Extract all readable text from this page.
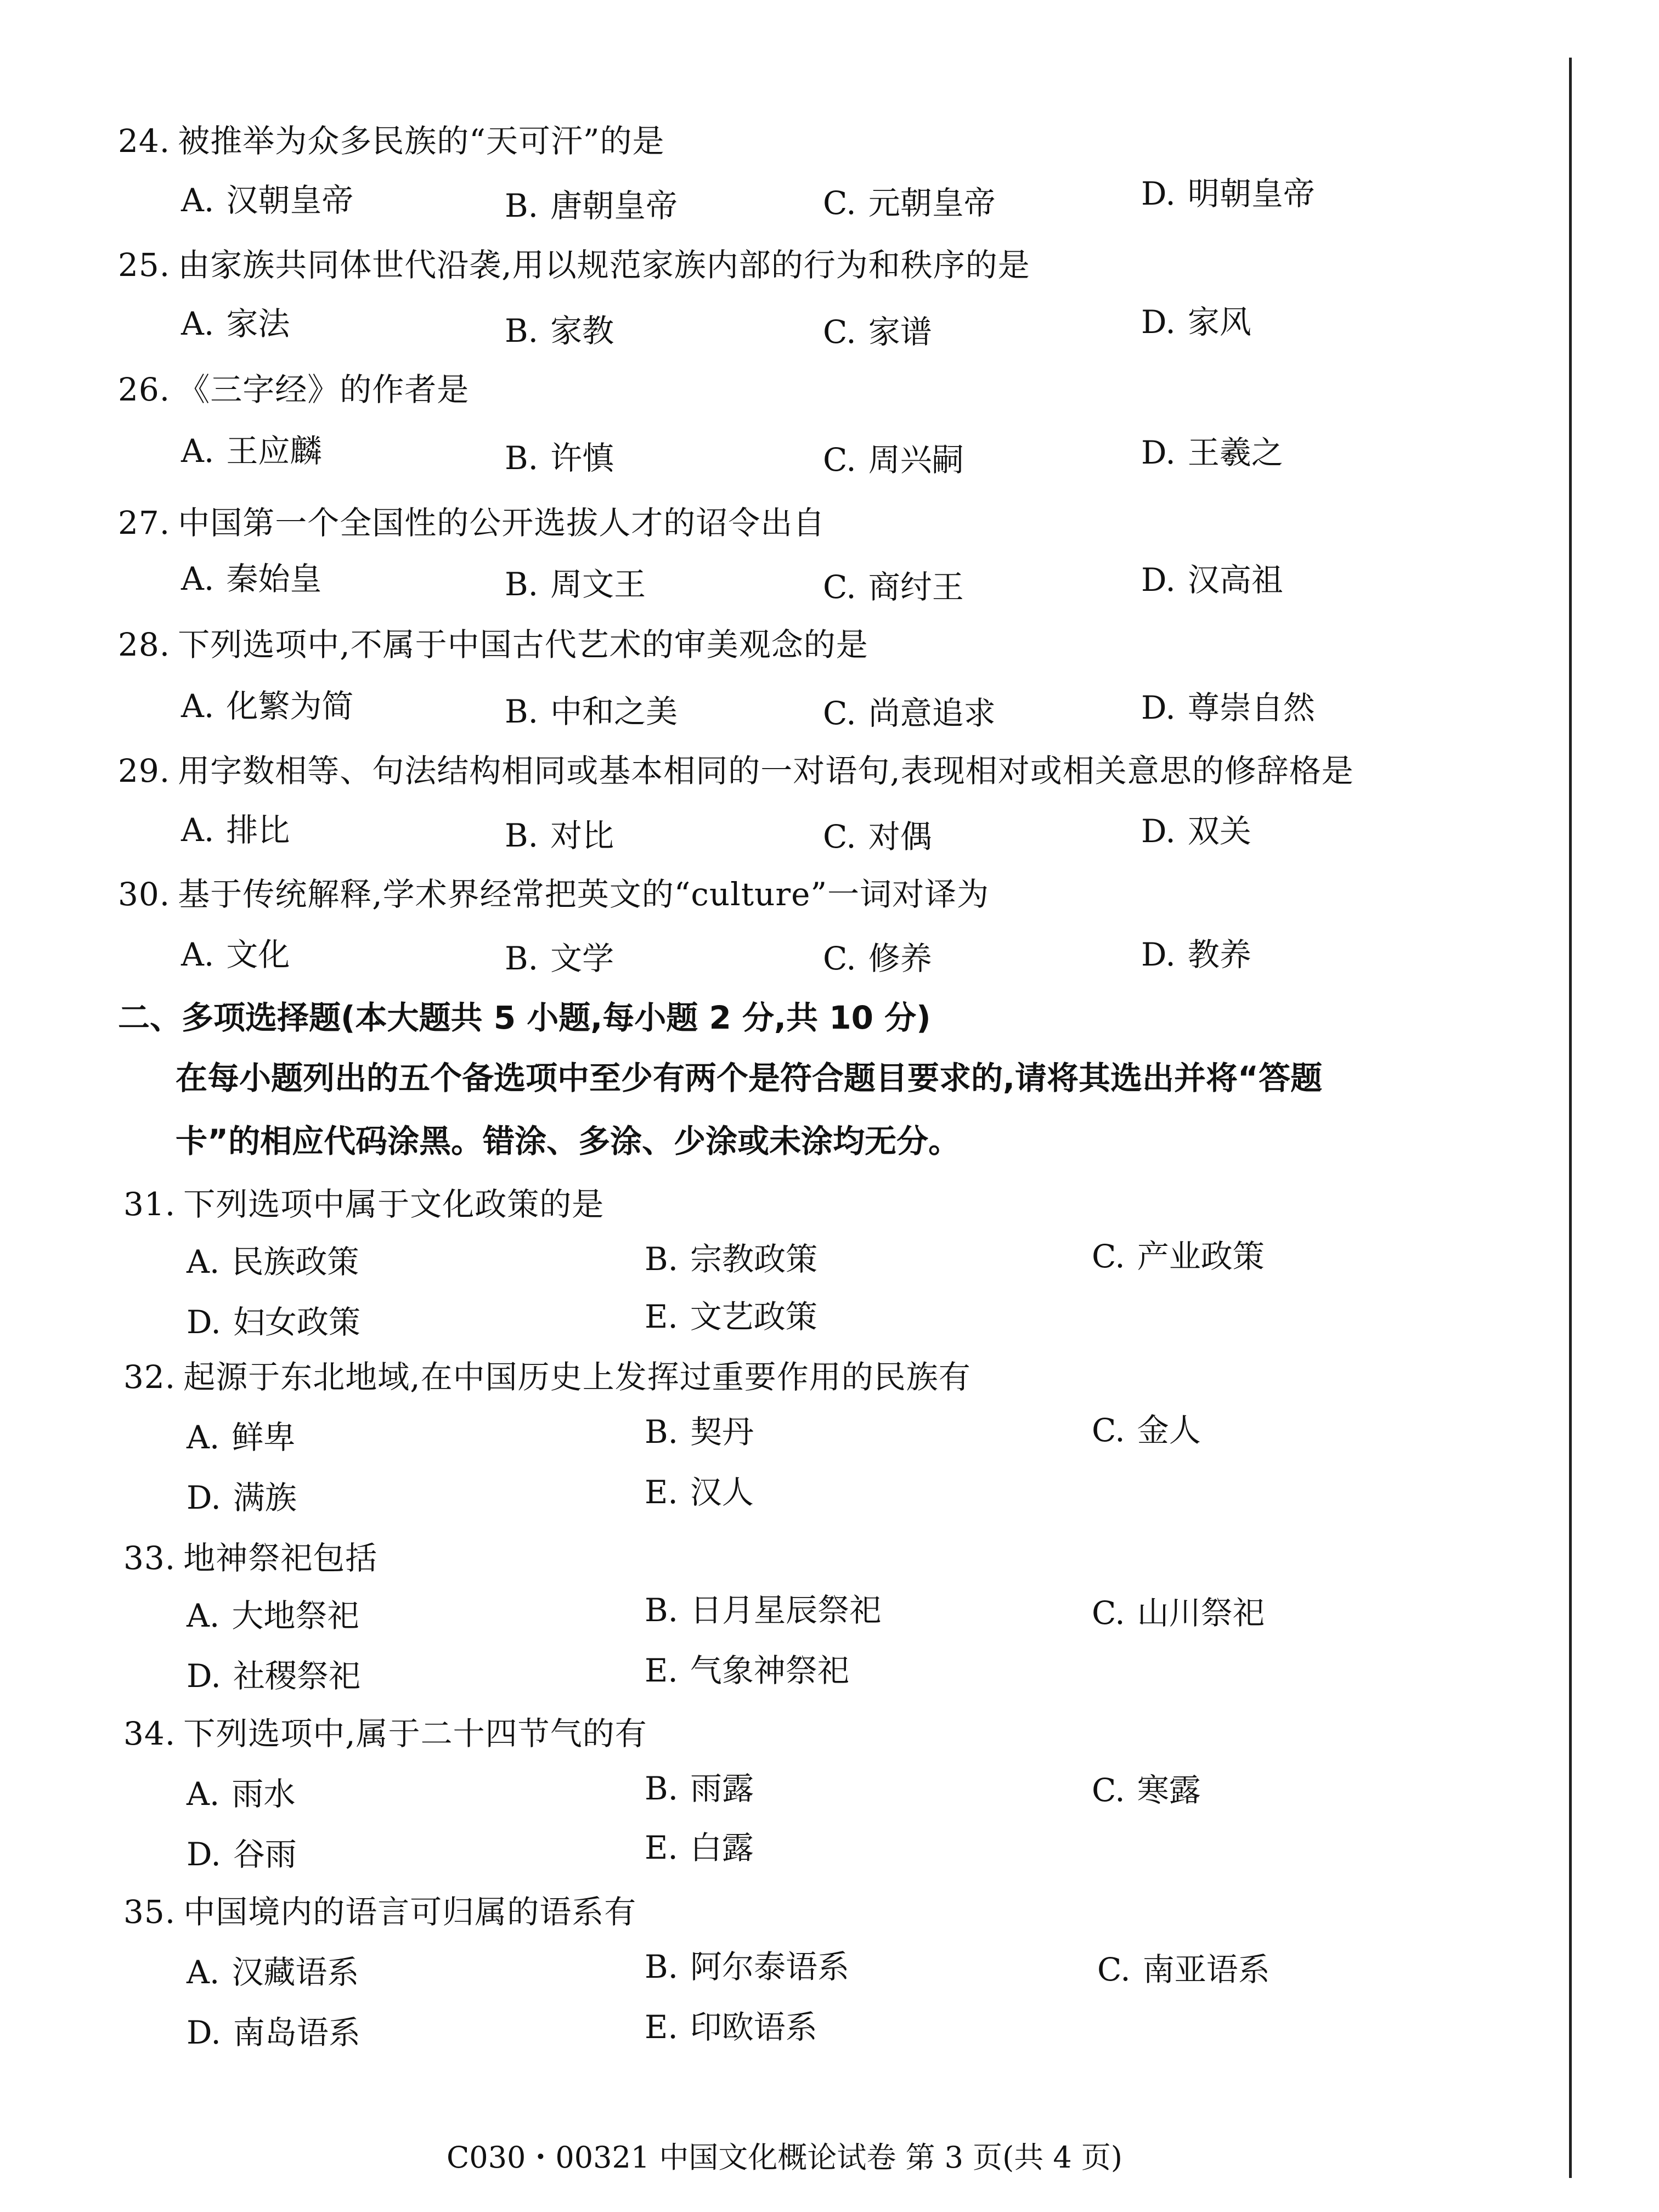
24. 被推举为众多民族的“天可汗”的是
A. 汉朝皇帝	B. 唐朝皇帝	C. 元朝皇帝	D. 明朝皇帝
25. 由家族共同体世代沿袭,用以规范家族内部的行为和秩序的是
A. 家法	B. 家教	C. 家谱	D. 家风
26. 《三字经》的作者是
A. 王应麟	B. 许慎	C. 周兴嗣	D. 王羲之
27. 中国第一个全国性的公开选拔人才的诏令出自
A. 秦始皇	B. 周文王	C. 商纣王	D. 汉高祖
28. 下列选项中,不属于中国古代艺术的审美观念的是
A. 化繁为简	B. 中和之美	C. 尚意追求	D. 尊崇自然
29. 用字数相等、句法结构相同或基本相同的一对语句,表现相对或相关意思的修辞格是
A. 排比	B. 对比	C. 对偶	D. 双关
30. 基于传统解释,学术界经常把英文的“culture”一词对译为
A. 文化	B. 文学	C. 修养	D. 教养
二、多项选择题(本大题共 5 小题,每小题 2 分,共 10 分)
在每小题列出的五个备选项中至少有两个是符合题目要求的,请将其选出并将“答题
卡”的相应代码涂黑。错涂、多涂、少涂或未涂均无分。
31. 下列选项中属于文化政策的是
A. 民族政策	B. 宗教政策	C. 产业政策
D. 妇女政策	E. 文艺政策
32. 起源于东北地域,在中国历史上发挥过重要作用的民族有
A. 鲜卑	B. 契丹	C. 金人
D. 满族	E. 汉人
33. 地神祭祀包括
A. 大地祭祀	B. 日月星辰祭祀	C. 山川祭祀
D. 社稷祭祀	E. 气象神祭祀
34. 下列选项中,属于二十四节气的有
A. 雨水	B. 雨露	C. 寒露
D. 谷雨	E. 白露
35. 中国境内的语言可归属的语系有
A. 汉藏语系	B. 阿尔泰语系	C. 南亚语系
D. 南岛语系	E. 印欧语系
C030・00321 中国文化概论试卷 第 3 页(共 4 页)
